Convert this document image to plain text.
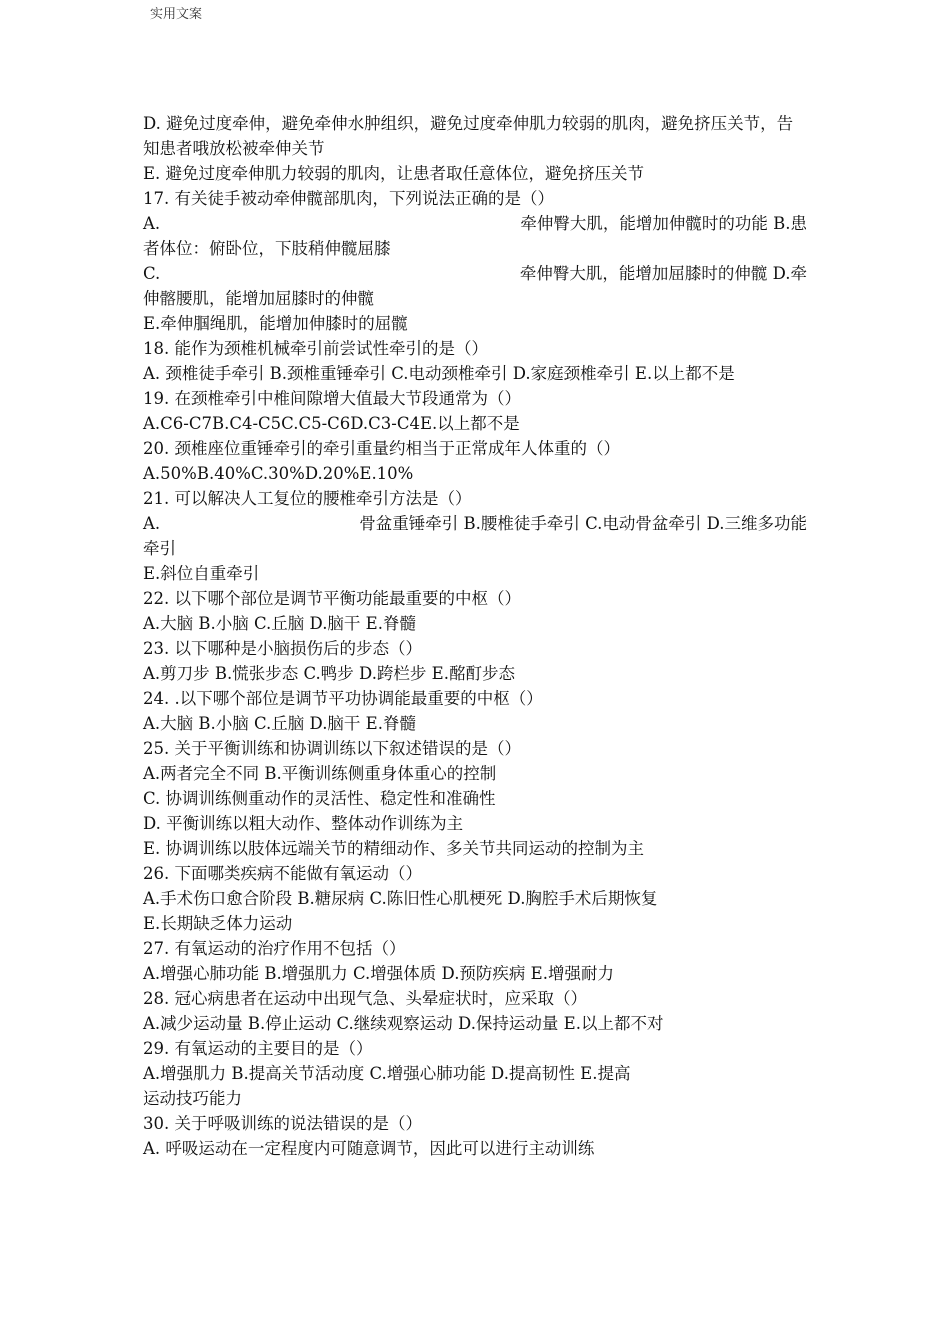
实用文案
D. 避免过度牵伸，避免牵伸水肿组织，避免过度牵伸肌力较弱的肌肉，避免挤压关节，告知患者哦放松被牵伸关节
E. 避免过度牵伸肌力较弱的肌肉，让患者取任意体位，避免挤压关节
17. 有关徒手被动牵伸髋部肌肉，下列说法正确的是（）
A.	牵伸臀大肌，能增加伸髋时的功能 B.患
者体位：俯卧位，下肢稍伸髋屈膝
C.	牵伸臀大肌，能增加屈膝时的伸髋 D.牵
伸髂腰肌，能增加屈膝时的伸髋
E.牵伸腘绳肌，能增加伸膝时的屈髋
18. 能作为颈椎机械牵引前尝试性牵引的是（）
A. 颈椎徒手牵引 B.颈椎重锤牵引 C.电动颈椎牵引 D.家庭颈椎牵引 E.以上都不是
19. 在颈椎牵引中椎间隙增大值最大节段通常为（）
A.C6-C7B.C4-C5C.C5-C6D.C3-C4E.以上都不是
20. 颈椎座位重锤牵引的牵引重量约相当于正常成年人体重的（）
A.50%B.40%C.30%D.20%E.10%
21. 可以解决人工复位的腰椎牵引方法是（）
A.	骨盆重锤牵引 B.腰椎徒手牵引 C.电动骨盆牵引 D.三维多功能
牵引
E.斜位自重牵引
22. 以下哪个部位是调节平衡功能最重要的中枢（）
A.大脑 B.小脑 C.丘脑 D.脑干 E.脊髓
23. 以下哪种是小脑损伤后的步态（）
A.剪刀步 B.慌张步态 C.鸭步 D.跨栏步 E.酩酊步态
24. .以下哪个部位是调节平功协调能最重要的中枢（）
A.大脑 B.小脑 C.丘脑 D.脑干 E.脊髓
25. 关于平衡训练和协调训练以下叙述错误的是（）
A.两者完全不同 B.平衡训练侧重身体重心的控制
C. 协调训练侧重动作的灵活性、稳定性和准确性
D. 平衡训练以粗大动作、整体动作训练为主
E. 协调训练以肢体远端关节的精细动作、多关节共同运动的控制为主
26. 下面哪类疾病不能做有氧运动（）
A.手术伤口愈合阶段 B.糖尿病 C.陈旧性心肌梗死 D.胸腔手术后期恢复
E.长期缺乏体力运动
27. 有氧运动的治疗作用不包括（）
A.增强心肺功能 B.增强肌力 C.增强体质 D.预防疾病 E.增强耐力
28. 冠心病患者在运动中出现气急、头晕症状时，应采取（）
A.减少运动量 B.停止运动 C.继续观察运动 D.保持运动量 E.以上都不对
29. 有氧运动的主要目的是（）
A.增强肌力 B.提高关节活动度 C.增强心肺功能 D.提高韧性 E.提高
运动技巧能力
30. 关于呼吸训练的说法错误的是（）
A. 呼吸运动在一定程度内可随意调节，因此可以进行主动训练
